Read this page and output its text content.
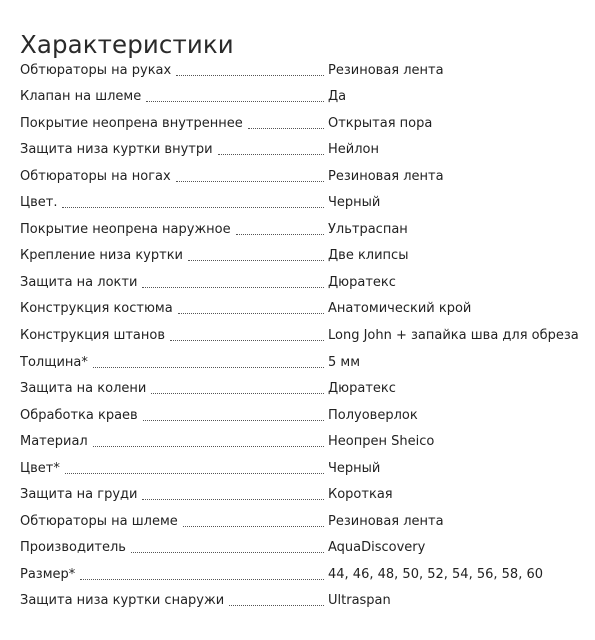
Характеристики
Обтюраторы на руках	Резиновая лента
Клапан на шлеме	Да
Покрытие неопрена внутреннее	Открытая пора
Защита низа куртки внутри	Нейлон
Обтюраторы на ногах	Резиновая лента
Цвет.	Черный
Покрытие неопрена наружное	Ультраспан
Крепление низа куртки	Две клипсы
Защита на локти	Дюратекс
Конструкция костюма	Анатомический крой
Конструкция штанов	Long John + запайка шва для обреза
Толщина*	5 мм
Защита на колени	Дюратекс
Обработка краев	Полуоверлок
Материал	Неопрен Sheico
Цвет*	Черный
Защита на груди	Короткая
Обтюраторы на шлеме	Резиновая лента
Производитель	AquaDiscovery
Размер*	44, 46, 48, 50, 52, 54, 56, 58, 60
Защита низа куртки снаружи	Ultraspan
